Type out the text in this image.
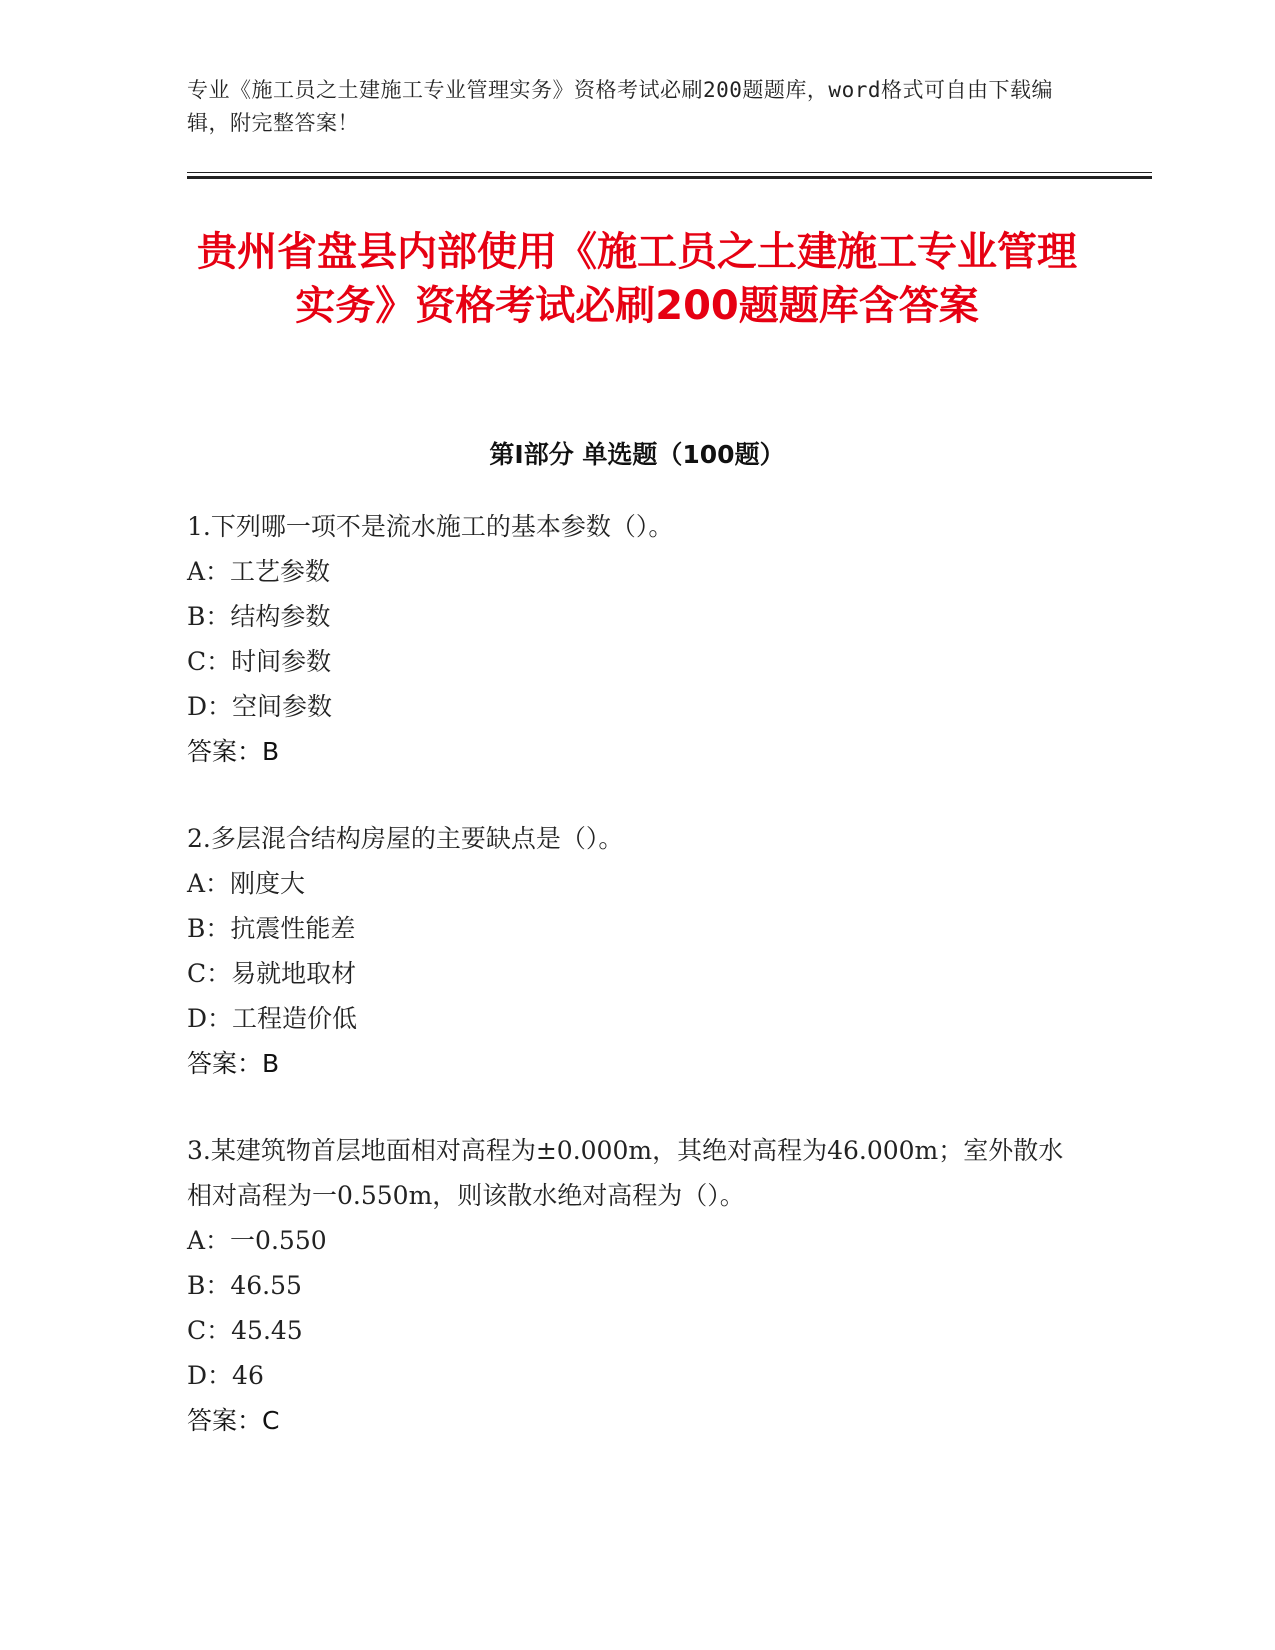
专业《施工员之土建施工专业管理实务》资格考试必刷200题题库，word格式可自由下载编辑，附完整答案！
贵州省盘县内部使用《施工员之土建施工专业管理实务》资格考试必刷200题题库含答案
第Ⅰ部分 单选题（100题）

1.下列哪一项不是流水施工的基本参数（）。

A：工艺参数

B：结构参数

C：时间参数

D：空间参数

答案：B

2.多层混合结构房屋的主要缺点是（）。

A：刚度大

B：抗震性能差

C：易就地取材

D：工程造价低

答案：B

3.某建筑物首层地面相对高程为±0.000m，其绝对高程为46.000m；室外散水相对高程为一0.550m，则该散水绝对高程为（）。

A：一0.550

B：46.55

C：45.45

D：46

答案：C
